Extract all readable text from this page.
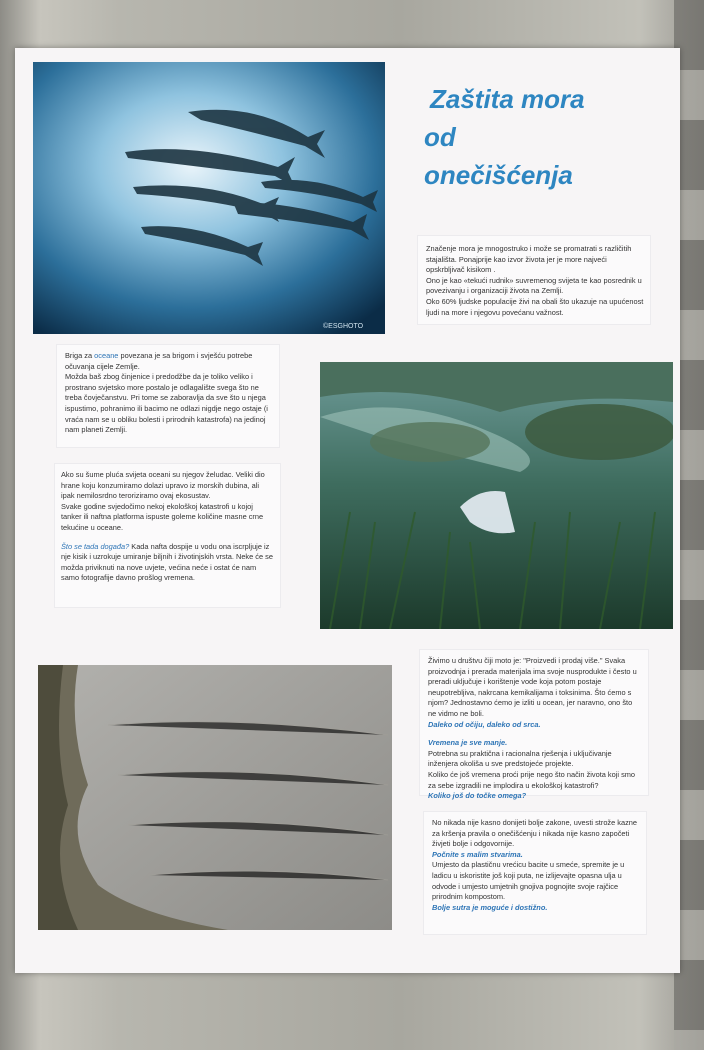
©ESGHOTO
Zaštita mora
od
onečišćenja

Značenje mora je mnogostruko i može se promatrati s različitih stajališta. Ponajprije kao izvor života jer je more najveći opskrbljivač kisikom .

Ono je kao «tekući rudnik» suvremenog svijeta te kao posrednik u povezivanju i organizaciji života na Zemlji.

Oko 60% ljudske populacije živi na obali što ukazuje na upućenost ljudi na more i njegovu povećanu važnost.

Briga za oceane povezana je sa brigom i svješću potrebe očuvanja cijele Zemlje.

Možda baš zbog činjenice i predodžbe da je toliko veliko i prostrano svjetsko more postalo je odlagalište svega što ne treba čovječanstvu. Pri tome se zaboravlja da sve što u njega ispustimo, pohranimo ili bacimo ne odlazi nigdje nego ostaje (i vraća nam se u obliku bolesti i prirodnih katastrofa) na jedinoj nam planeti Zemlji.

Ako su šume pluća svijeta oceani su njegov želudac. Veliki dio hrane koju konzumiramo dolazi upravo iz morskih dubina, ali ipak nemilosrdno teroriziramo ovaj ekosustav.

Svake godine svjedočimo nekoj ekološkoj katastrofi u kojoj tanker ili naftna platforma ispuste goleme količine masne crne tekućine u oceane.

Što se tada događa? Kada nafta dospije u vodu ona iscrpljuje iz nje kisik i uzrokuje umiranje biljnih i životinjskih vrsta. Neke će se možda priviknuti na nove uvjete, većina neće i ostat će nam samo fotografije davno prošlog vremena.

Živimo u društvu čiji moto je: "Proizvedi i prodaj više." Svaka proizvodnja i prerada materijala ima svoje nusprodukte i često u preradi uključuje i korištenje vode koja potom postaje neupotrebljiva, nakrcana kemikalijama i toksinima. Što ćemo s njom? Jednostavno ćemo je izliti u ocean, jer naravno, ono što ne vidmo ne boli.

Daleko od očiju, daleko od srca.

Vremena je sve manje.

Potrebna su praktična i racionalna rješenja i uključivanje inženjera okoliša u sve predstojeće projekte.

Koliko će još vremena proći prije nego što način života koji smo za sebe izgradili ne implodira u ekološkoj katastrofi?

Koliko još do točke omega?

No nikada nije kasno donijeti bolje zakone, uvesti strože kazne za kršenja pravila o onečišćenju i nikada nije kasno započeti živjeti bolje i odgovornije.

Počnite s malim stvarima.

Umjesto da plastičnu vrećicu bacite u smeće, spremite je u ladicu u iskoristite još koji puta, ne izlijevajte opasna ulja u odvode i umjesto umjetnih gnojiva pognojite svoje rajčice prirodnim kompostom.

Bolje sutra je moguće i dostižno.
